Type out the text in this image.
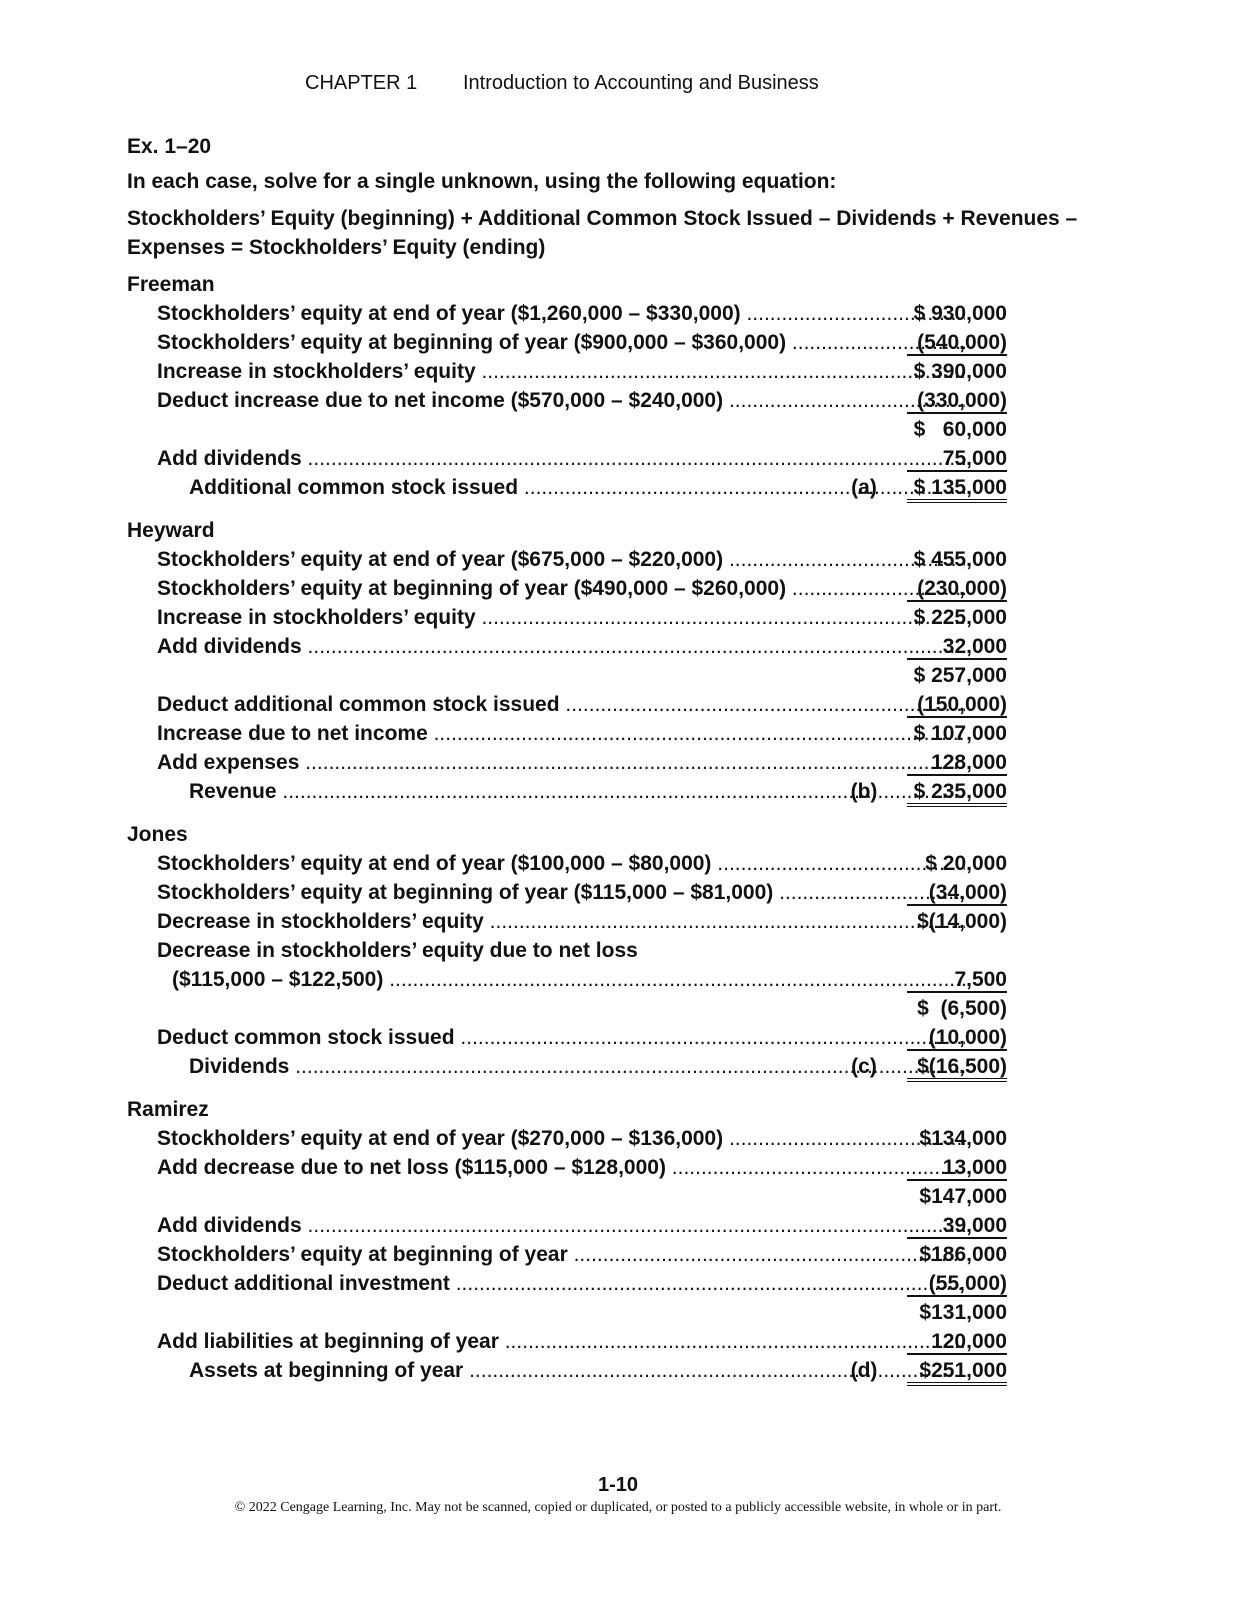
CHAPTER 1 Introduction to Accounting and Business
Ex. 1–20
In each case, solve for a single unknown, using the following equation:
Stockholders’ Equity (beginning) + Additional Common Stock Issued – Dividends + Revenues – Expenses = Stockholders’ Equity (ending)
Freeman
Stockholders’ equity at end of year ($1,260,000 – $330,000) .....	$ 930,000
Stockholders’ equity at beginning of year ($900,000 – $360,000) .....	(540,000)
Increase in stockholders’ equity .....	$ 390,000
Deduct increase due to net income ($570,000 – $240,000) .....	(330,000)
$   60,000
Add dividends .....	75,000
Additional common stock issued .....	(a)	$ 135,000
Heyward
Stockholders’ equity at end of year ($675,000 – $220,000) .....	$ 455,000
Stockholders’ equity at beginning of year ($490,000 – $260,000) .....	(230,000)
Increase in stockholders’ equity .....	$ 225,000
Add dividends .....	32,000
$ 257,000
Deduct additional common stock issued .....	(150,000)
Increase due to net income .....	$ 107,000
Add expenses .....	128,000
Revenue .....	(b)	$ 235,000
Jones
Stockholders’ equity at end of year ($100,000 – $80,000) .....	$ 20,000
Stockholders’ equity at beginning of year ($115,000 – $81,000) .....	(34,000)
Decrease in stockholders’ equity .....	$(14,000)
Decrease in stockholders’ equity due to net loss
($115,000 – $122,500) .....	7,500
$  (6,500)
Deduct common stock issued .....	(10,000)
Dividends .....	(c)	$(16,500)
Ramirez
Stockholders’ equity at end of year ($270,000 – $136,000) .....	$134,000
Add decrease due to net loss ($115,000 – $128,000) .....	13,000
$147,000
Add dividends .....	39,000
Stockholders’ equity at beginning of year .....	$186,000
Deduct additional investment .....	(55,000)
$131,000
Add liabilities at beginning of year .....	120,000
Assets at beginning of year .....	(d)	$251,000
1-10
© 2022 Cengage Learning, Inc. May not be scanned, copied or duplicated, or posted to a publicly accessible website, in whole or in part.
